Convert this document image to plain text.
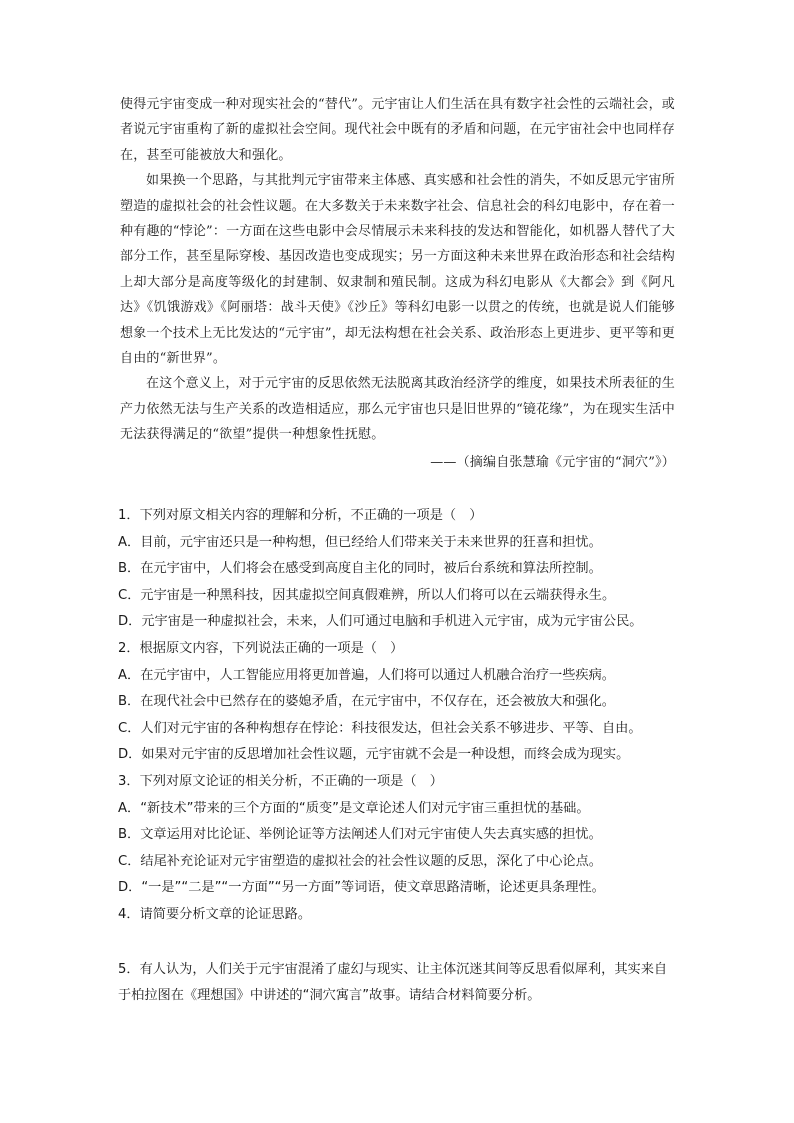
使得元宇宙变成一种对现实社会的“替代”。元宇宙让人们生活在具有数字社会性的云端社会，或者说元宇宙重构了新的虚拟社会空间。现代社会中既有的矛盾和问题，在元宇宙社会中也同样存在，甚至可能被放大和强化。

如果换一个思路，与其批判元宇宙带来主体感、真实感和社会性的消失，不如反思元宇宙所塑造的虚拟社会的社会性议题。在大多数关于未来数字社会、信息社会的科幻电影中，存在着一种有趣的“悖论”：一方面在这些电影中会尽情展示未来科技的发达和智能化，如机器人替代了大部分工作，甚至星际穿梭、基因改造也变成现实；另一方面这种未来世界在政治形态和社会结构上却大部分是高度等级化的封建制、奴隶制和殖民制。这成为科幻电影从《大都会》到《阿凡达》《饥饿游戏》《阿丽塔：战斗天使》《沙丘》等科幻电影一以贯之的传统，也就是说人们能够想象一个技术上无比发达的“元宇宙”，却无法构想在社会关系、政治形态上更进步、更平等和更自由的“新世界”。

在这个意义上，对于元宇宙的反思依然无法脱离其政治经济学的维度，如果技术所表征的生产力依然无法与生产关系的改造相适应，那么元宇宙也只是旧世界的“镜花缘”，为在现实生活中无法获得满足的“欲望”提供一种想象性抚慰。

——（摘编自张慧瑜《元宇宙的“洞穴”》）

1．下列对原文相关内容的理解和分析，不正确的一项是（　）

A．目前，元宇宙还只是一种构想，但已经给人们带来关于未来世界的狂喜和担忧。

B．在元宇宙中，人们将会在感受到高度自主化的同时，被后台系统和算法所控制。

C．元宇宙是一种黑科技，因其虚拟空间真假难辨，所以人们将可以在云端获得永生。

D．元宇宙是一种虚拟社会，未来，人们可通过电脑和手机进入元宇宙，成为元宇宙公民。

2．根据原文内容，下列说法正确的一项是（　）

A．在元宇宙中，人工智能应用将更加普遍，人们将可以通过人机融合治疗一些疾病。

B．在现代社会中已然存在的婆媳矛盾，在元宇宙中，不仅存在，还会被放大和强化。

C．人们对元宇宙的各种构想存在悖论：科技很发达，但社会关系不够进步、平等、自由。

D．如果对元宇宙的反思增加社会性议题，元宇宙就不会是一种设想，而终会成为现实。

3．下列对原文论证的相关分析，不正确的一项是（　）

A．“新技术”带来的三个方面的“质变”是文章论述人们对元宇宙三重担忧的基础。

B．文章运用对比论证、举例论证等方法阐述人们对元宇宙使人失去真实感的担忧。

C．结尾补充论证对元宇宙塑造的虚拟社会的社会性议题的反思，深化了中心论点。

D．“一是”“二是”“一方面”“另一方面”等词语，使文章思路清晰，论述更具条理性。

4．请简要分析文章的论证思路。

5．有人认为，人们关于元宇宙混淆了虚幻与现实、让主体沉迷其间等反思看似犀利，其实来自于柏拉图在《理想国》中讲述的“洞穴寓言”故事。请结合材料简要分析。
